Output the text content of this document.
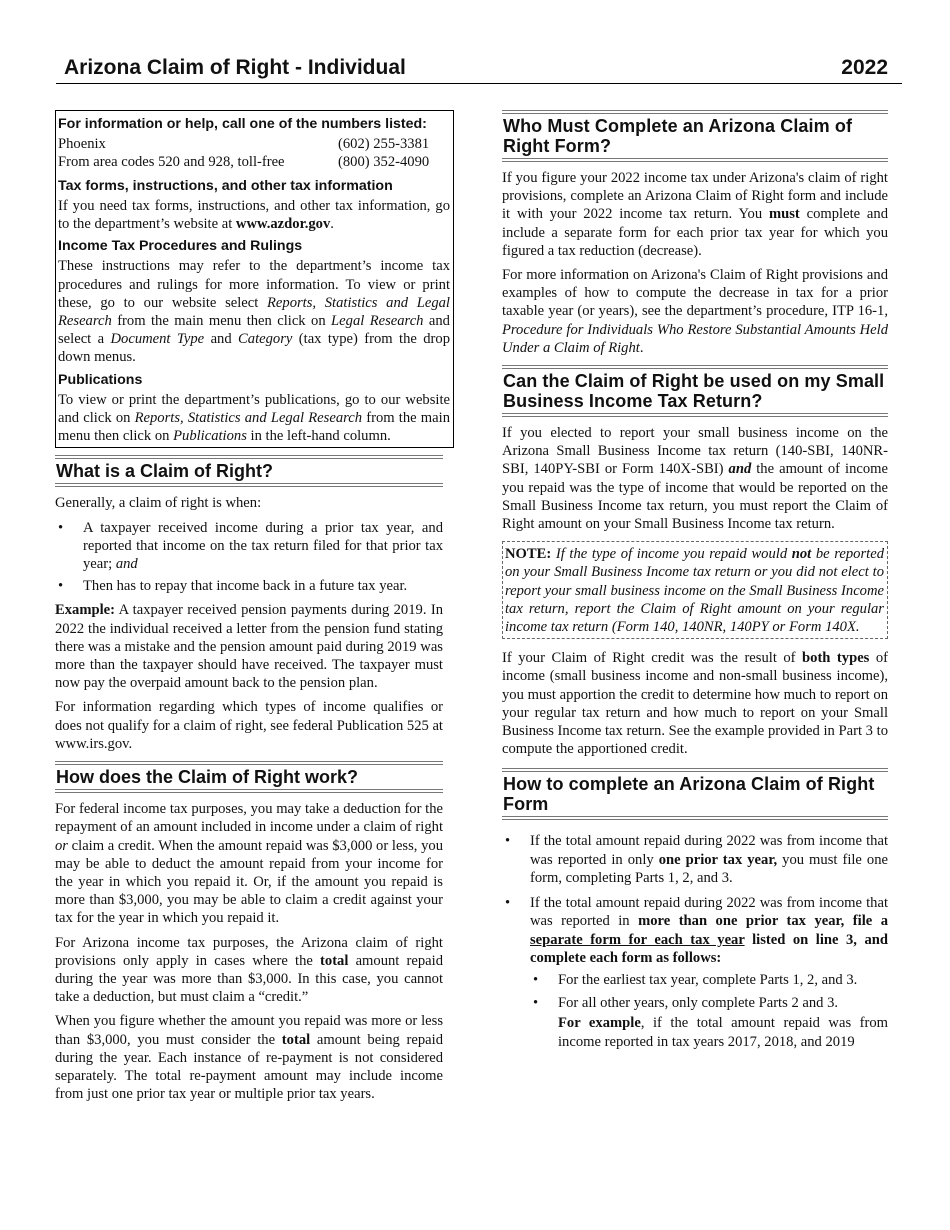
Arizona Claim of Right - Individual	2022
For information or help, call one of the numbers listed:
Phoenix	(602) 255-3381
From area codes 520 and 928, toll-free	(800) 352-4090
Tax forms, instructions, and other tax information

If you need tax forms, instructions, and other tax information, go to the department’s website at www.azdor.gov.

Income Tax Procedures and Rulings

These instructions may refer to the department’s income tax procedures and rulings for more information. To view or print these, go to our website select Reports, Statistics and Legal Research from the main menu then click on Legal Research and select a Document Type and Category (tax type) from the drop down menus.

Publications

To view or print the department’s publications, go to our website and click on Reports, Statistics and Legal Research from the main menu then click on Publications in the left-hand column.

What is a Claim of Right?

Generally, a claim of right is when:

• A taxpayer received income during a prior tax year, and reported that income on the tax return filed for that prior tax year; and
• Then has to repay that income back in a future tax year.

Example: A taxpayer received pension payments during 2019. In 2022 the individual received a letter from the pension fund stating there was a mistake and the pension amount paid during 2019 was more than the taxpayer should have received. The taxpayer must now pay the overpaid amount back to the pension plan.

For information regarding which types of income qualifies or does not qualify for a claim of right, see federal Publication 525 at www.irs.gov.

How does the Claim of Right work?

For federal income tax purposes, you may take a deduction for the repayment of an amount included in income under a claim of right or claim a credit. When the amount repaid was $3,000 or less, you may be able to deduct the amount repaid from your income for the year in which you repaid it. Or, if the amount you repaid is more than $3,000, you may be able to claim a credit against your tax for the year in which you repaid it.

For Arizona income tax purposes, the Arizona claim of right provisions only apply in cases where the total amount repaid during the year was more than $3,000. In this case, you cannot take a deduction, but must claim a “credit.”

When you figure whether the amount you repaid was more or less than $3,000, you must consider the total amount being repaid during the year. Each instance of re-payment is not considered separately. The total re-payment amount may include income from just one prior tax year or multiple prior tax years.

Who Must Complete an Arizona Claim of Right Form?

If you figure your 2022 income tax under Arizona's claim of right provisions, complete an Arizona Claim of Right form and include it with your 2022 income tax return. You must complete and include a separate form for each prior tax year for which you figured a tax reduction (decrease).

For more information on Arizona's Claim of Right provisions and examples of how to compute the decrease in tax for a prior taxable year (or years), see the department’s procedure, ITP 16-1, Procedure for Individuals Who Restore Substantial Amounts Held Under a Claim of Right.

Can the Claim of Right be used on my Small Business Income Tax Return?

If you elected to report your small business income on the Arizona Small Business Income tax return (140-SBI, 140NR-SBI, 140PY-SBI or Form 140X-SBI) and the amount of income you repaid was the type of income that would be reported on the Small Business Income tax return, you must report the Claim of Right amount on your Small Business Income tax return.

NOTE: If the type of income you repaid would not be reported on your Small Business Income tax return or you did not elect to report your small business income on the Small Business Income tax return, report the Claim of Right amount on your regular income tax return (Form 140, 140NR, 140PY or Form 140X.

If your Claim of Right credit was the result of both types of income (small business income and non-small business income), you must apportion the credit to determine how much to report on your regular tax return and how much to report on your Small Business Income tax return. See the example provided in Part 3 to compute the apportioned credit.

How to complete an Arizona Claim of Right Form
• If the total amount repaid during 2022 was from income that was reported in only one prior tax year, you must file one form, completing Parts 1, 2, and 3.
• If the total amount repaid during 2022 was from income that was reported in more than one prior tax year, file a separate form for each tax year listed on line 3, and complete each form as follows:
• For the earliest tax year, complete Parts 1, 2, and 3.
• For all other years, only complete Parts 2 and 3.

For example, if the total amount repaid was from income reported in tax years 2017, 2018, and 2019
